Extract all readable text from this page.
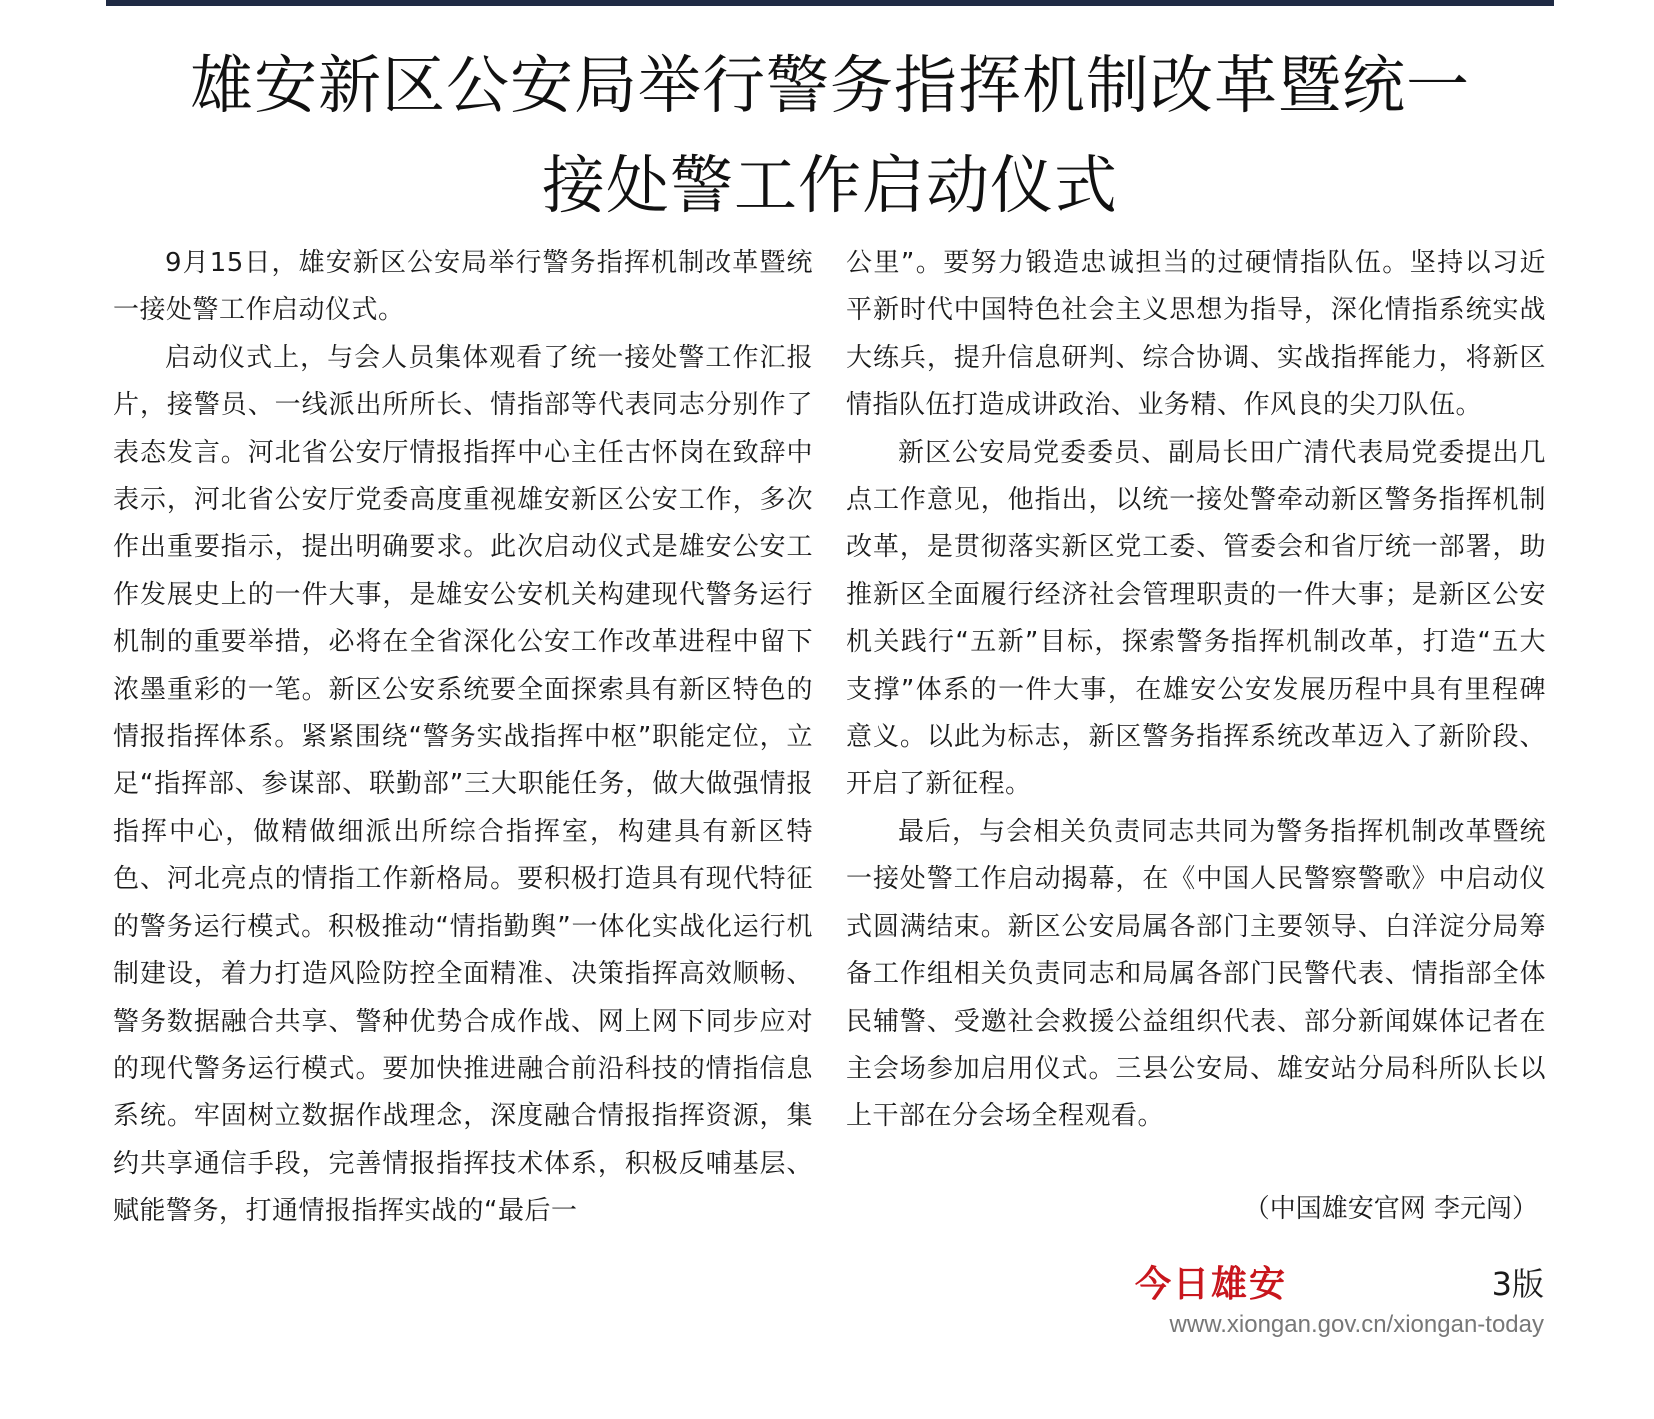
雄安新区公安局举行警务指挥机制改革暨统一
接处警工作启动仪式

9月15日，雄安新区公安局举行警务指挥机制改革暨统一接处警工作启动仪式。

启动仪式上，与会人员集体观看了统一接处警工作汇报片，接警员、一线派出所所长、情指部等代表同志分别作了表态发言。河北省公安厅情报指挥中心主任古怀岗在致辞中表示，河北省公安厅党委高度重视雄安新区公安工作，多次作出重要指示，提出明确要求。此次启动仪式是雄安公安工作发展史上的一件大事，是雄安公安机关构建现代警务运行机制的重要举措，必将在全省深化公安工作改革进程中留下浓墨重彩的一笔。新区公安系统要全面探索具有新区特色的情报指挥体系。紧紧围绕“警务实战指挥中枢”职能定位，立足“指挥部、参谋部、联勤部”三大职能任务，做大做强情报指挥中心，做精做细派出所综合指挥室，构建具有新区特色、河北亮点的情指工作新格局。要积极打造具有现代特征的警务运行模式。积极推动“情指勤舆”一体化实战化运行机制建设，着力打造风险防控全面精准、决策指挥高效顺畅、警务数据融合共享、警种优势合成作战、网上网下同步应对的现代警务运行模式。要加快推进融合前沿科技的情指信息系统。牢固树立数据作战理念，深度融合情报指挥资源，集约共享通信手段，完善情报指挥技术体系，积极反哺基层、赋能警务，打通情报指挥实战的“最后一

公里”。要努力锻造忠诚担当的过硬情指队伍。坚持以习近平新时代中国特色社会主义思想为指导，深化情指系统实战大练兵，提升信息研判、综合协调、实战指挥能力，将新区情指队伍打造成讲政治、业务精、作风良的尖刀队伍。

新区公安局党委委员、副局长田广清代表局党委提出几点工作意见，他指出，以统一接处警牵动新区警务指挥机制改革，是贯彻落实新区党工委、管委会和省厅统一部署，助推新区全面履行经济社会管理职责的一件大事；是新区公安机关践行“五新”目标，探索警务指挥机制改革，打造“五大支撑”体系的一件大事，在雄安公安发展历程中具有里程碑意义。以此为标志，新区警务指挥系统改革迈入了新阶段、开启了新征程。

最后，与会相关负责同志共同为警务指挥机制改革暨统一接处警工作启动揭幕，在《中国人民警察警歌》中启动仪式圆满结束。新区公安局属各部门主要领导、白洋淀分局筹备工作组相关负责同志和局属各部门民警代表、情指部全体民辅警、受邀社会救援公益组织代表、部分新闻媒体记者在主会场参加启用仪式。三县公安局、雄安站分局科所队长以上干部在分会场全程观看。

（中国雄安官网 李元闯）
今日雄安	3版
www.xiongan.gov.cn/xiongan-today
